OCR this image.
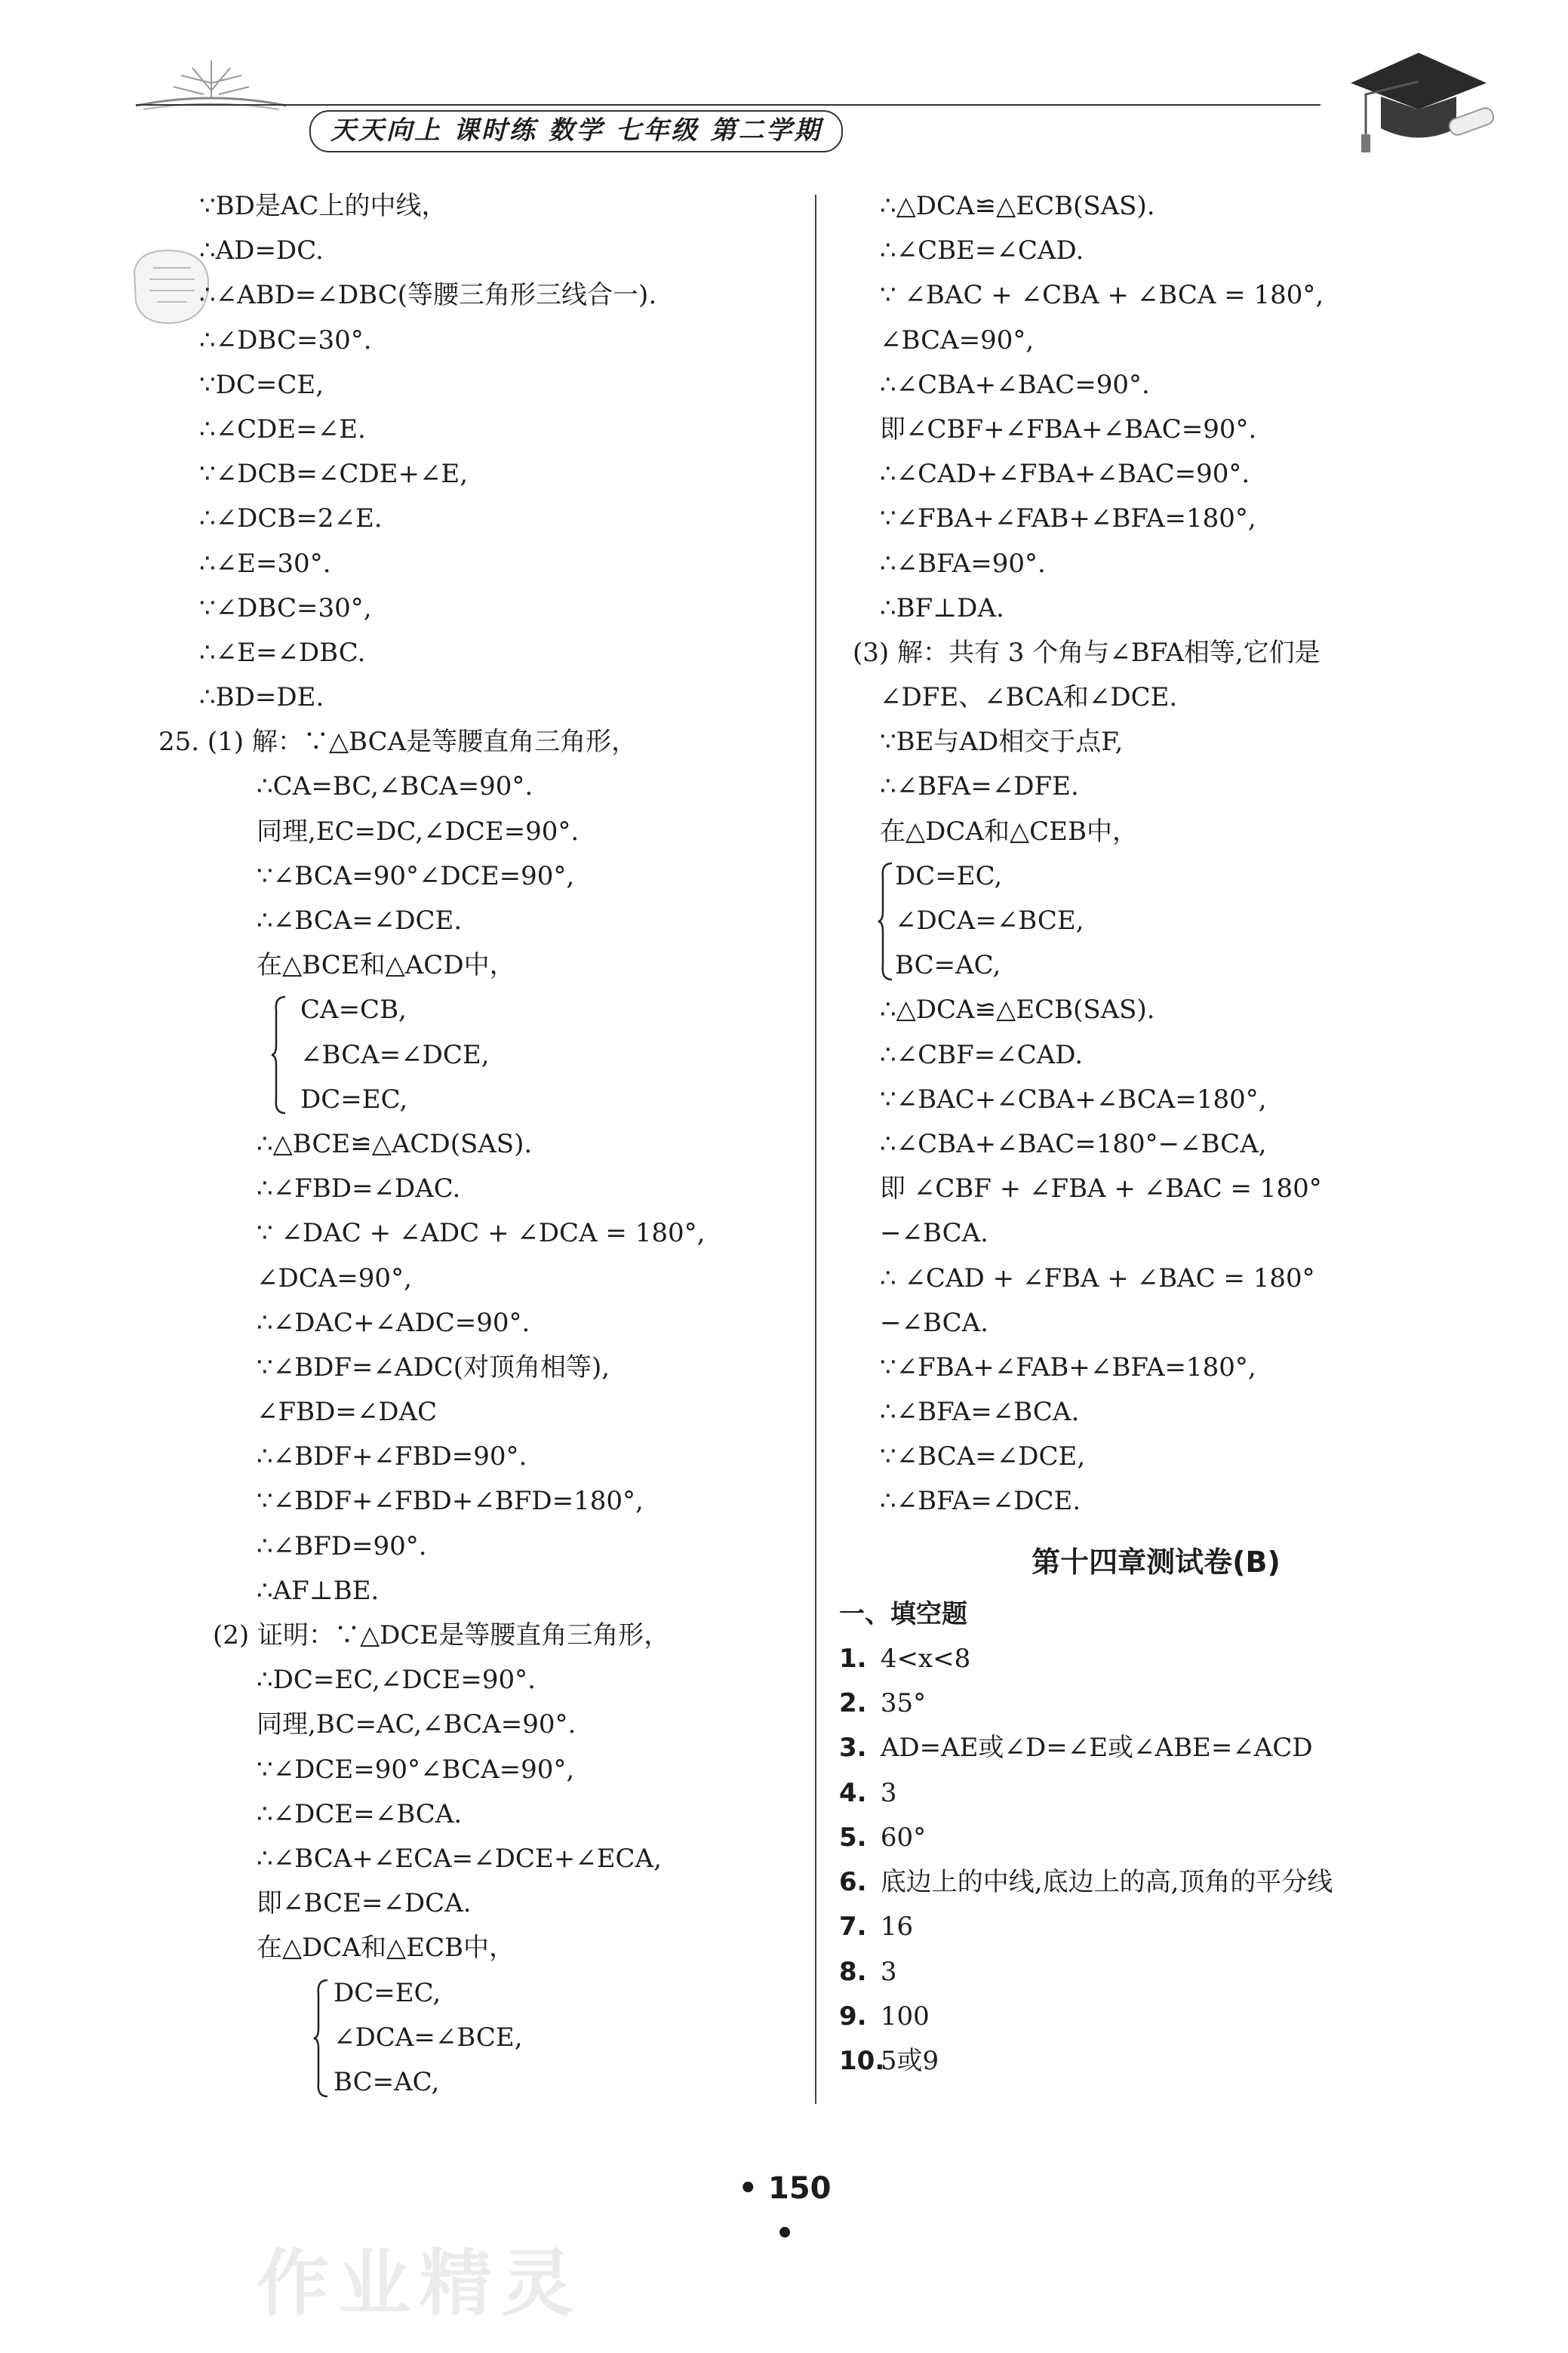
天天向上 课时练 数学 七年级 第二学期
∵BD是AC上的中线，
∴AD=DC.
∴∠ABD=∠DBC(等腰三角形三线合一).
∴∠DBC=30°.
∵DC=CE,
∴∠CDE=∠E.
∵∠DCB=∠CDE+∠E,
∴∠DCB=2∠E.
∴∠E=30°.
∵∠DBC=30°,
∴∠E=∠DBC.
∴BD=DE.
25. (1) 解：∵△BCA是等腰直角三角形，
∴CA=BC,∠BCA=90°.
同理,EC=DC,∠DCE=90°.
∵∠BCA=90°∠DCE=90°,
∴∠BCA=∠DCE.
在△BCE和△ACD中，
CA=CB,
∠BCA=∠DCE,
DC=EC,
∴△BCE≌△ACD(SAS).
∴∠FBD=∠DAC.
∵ ∠DAC + ∠ADC + ∠DCA = 180°,
∠DCA=90°,
∴∠DAC+∠ADC=90°.
∵∠BDF=∠ADC(对顶角相等),
∠FBD=∠DAC
∴∠BDF+∠FBD=90°.
∵∠BDF+∠FBD+∠BFD=180°,
∴∠BFD=90°.
∴AF⊥BE.
(2) 证明：∵△DCE是等腰直角三角形，
∴DC=EC,∠DCE=90°.
同理,BC=AC,∠BCA=90°.
∵∠DCE=90°∠BCA=90°,
∴∠DCE=∠BCA.
∴∠BCA+∠ECA=∠DCE+∠ECA,
即∠BCE=∠DCA.
在△DCA和△ECB中，
DC=EC,
∠DCA=∠BCE,
BC=AC,
∴△DCA≌△ECB(SAS).
∴∠CBE=∠CAD.
∵ ∠BAC + ∠CBA + ∠BCA = 180°,
∠BCA=90°,
∴∠CBA+∠BAC=90°.
即∠CBF+∠FBA+∠BAC=90°.
∴∠CAD+∠FBA+∠BAC=90°.
∵∠FBA+∠FAB+∠BFA=180°,
∴∠BFA=90°.
∴BF⊥DA.
(3) 解：共有 3 个角与∠BFA相等,它们是
∠DFE、∠BCA和∠DCE.
∵BE与AD相交于点F,
∴∠BFA=∠DFE.
在△DCA和△CEB中，
DC=EC,
∠DCA=∠BCE,
BC=AC,
∴△DCA≌△ECB(SAS).
∴∠CBF=∠CAD.
∵∠BAC+∠CBA+∠BCA=180°,
∴∠CBA+∠BAC=180°−∠BCA,
即 ∠CBF + ∠FBA + ∠BAC = 180°
−∠BCA.
∴ ∠CAD + ∠FBA + ∠BAC = 180°
−∠BCA.
∵∠FBA+∠FAB+∠BFA=180°,
∴∠BFA=∠BCA.
∵∠BCA=∠DCE,
∴∠BFA=∠DCE.
第十四章测试卷(B)
一、填空题
1. 4<x<8
2. 35°
3. AD=AE或∠D=∠E或∠ABE=∠ACD
4. 3
5. 60°
6. 底边上的中线,底边上的高,顶角的平分线
7. 16
8. 3
9. 100
10. 5或9
• 150 •
作业精灵
